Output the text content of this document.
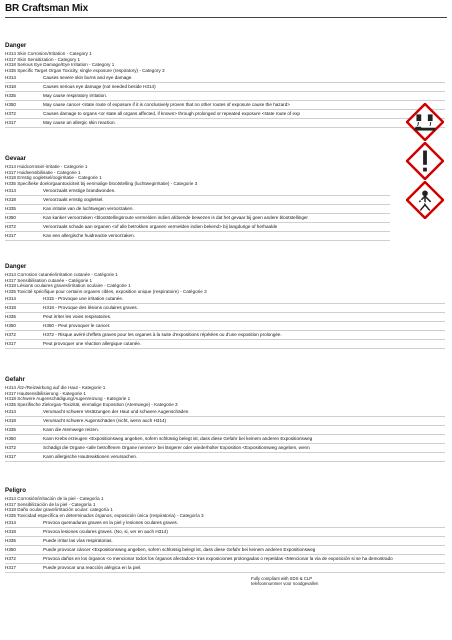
BR Craftsman Mix
Danger
H314 Skin Corrosion/Irritation - Category 1
H317 Skin Sensitization - Category 1
H318 Serious Eye Damage/Eye Irritation - Category 1
H335 Specific Target Organ Toxicity, single exposure (respiratory) - Category 3
H314	Causes severe skin burns and eye damage.
H318	Causes serious eye damage (not needed beside H314)
H335	May cause respiratory irritation.
H350	May cause cancer <state route of exposure if it is conclusively proven that no other routes of exposure cause the hazard>
H372	Causes damage to organs <or state all organs affected, if known> through prolonged or repeated exposure <state route of exp
H317	May cause an allergic skin reaction.
Gevaar
H314 Huidcorrosie/-irritatie - Categorie 1
H317 Huidsensibilisatie - Categorie 1
H318 Ernstig oogletsel/oogirritatie - Categorie 1
H335 Specifieke doelorgaantoxiciteit bij eenmalige blootstelling (luchtwegirritatie) - Categorie 3
H314	Veroorzaakt ernstige brandwonden.
H318	Veroorzaakt ernstig oogletsel.
H335	Kan irritatie van de luchtwegen veroorzaken.
H350	Kan kanker veroorzaken <blootstellingsroute vermelden indien afdoende bewezen is dat het gevaar bij geen andere blootstellinger
H372	Veroorzaakt schade aan organen <of alle betrokken organen vermelden indien bekend> bij langdurige of herhaalde
H317	Kan een allergische huidreactie veroorzaken.
Danger
H314 Corrosion cutanée/irritation cutanée - Catégorie 1
H317 Sensibilisation cutanée - Catégorie 1
H318 Lésions oculaires graves/irritation oculaire - Catégorie 1
H335 Toxicité spécifique pour certains organes cibles, exposition unique (respiratoire) - Catégorie 3
H314	H315 - Provoque une irritation cutanée.
H318	H318 - Provoque des lésions oculaires graves.
H335	Peut irriter les voies respiratoires.
H350	H350 - Peut provoquer le cancer.
H372	H372 - Risque avéré d'effets graves pour les organes à la suite d'expositions répétées ou d'une exposition prolongée.
H317	Peut provoquer une réaction allergique cutanée.
Gefahr
H314 Ätz-/Reizwirkung auf die Haut - Kategorie 1
H317 Hautsensibilisierung - Kategorie 1
H318 Schwere Augenschädigung/Augenreizung - Kategorie 1
H335 Spezifische Zielorgan-Toxizität, einmalige Exposition (Atemwege) - Kategorie 3
H314	Verursacht schwere Verätzungen der Haut und schwere Augenschäden.
H318	Verursacht schwere Augenschäden (nicht, wenn auch H314)
H335	Kann die Atemwege reizen.
H350	Kann Krebs erzeugen <Expositionsweg angeben, sofern schlüssig belegt ist, dass diese Gefahr bei keinem anderen Expositionsweg
H372	Schädigt die Organe <alle betroffenen Organe nennen> bei längerer oder wiederholter Exposition <Expositionsweg angeben, wenn
H317	Kann allergische Hautreaktionen verursachen.
Peligro
H314 Corrosión/irritación de la piel - Categoría 1
H317 Sensibilización de la piel - Categoría 1
H318 Daño ocular grave/irritación ocular: categoría 1
H335 Toxicidad específica en determinados órganos, exposición única (respiratoria) - Categoría 3
H314	Provoca quemaduras graves en la piel y lesiones oculares graves.
H318	Provoca lesiones oculares graves. (No, si, ver en auch H314)
H335	Puede irritar las vías respiratorias.
H350	Puede provocar cáncer <Expositionsweg angeben, sofern schlüssig belegt ist, dass diese Gefahr bei keinem anderen Expositionsweg
H372	Provoca daños en los órganos <o mencionar todos los órganos afectados> tras exposiciones prolongadas o repetidas <Mencionar la vía de exposición si se ha demostrado
H317	Puede provocar una reacción alérgica en la piel.
Fully compliant with SDS & CLP
telefoonnummer voor noodgevallen
